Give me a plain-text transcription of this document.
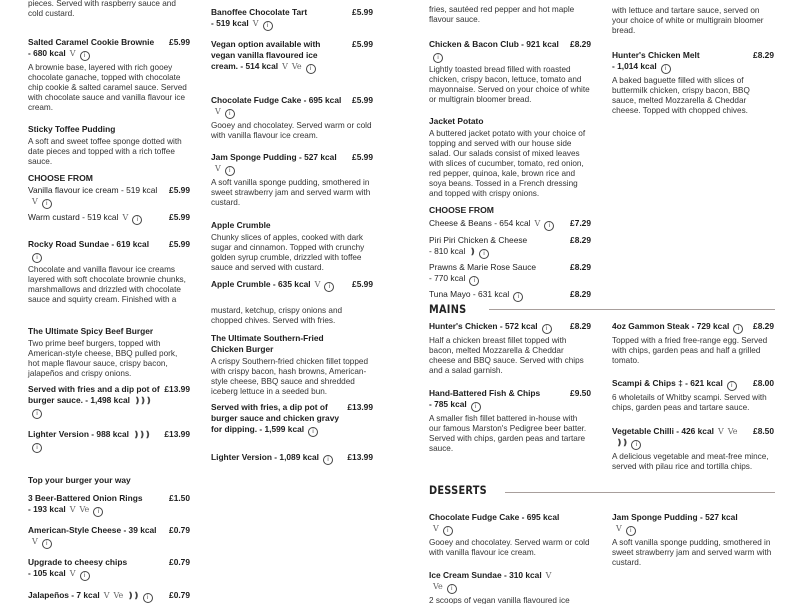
pieces. Served with raspberry sauce and cold custard.
Salted Caramel Cookie Brownie - 680 kcal V i
£5.99
A brownie base, layered with rich gooey chocolate ganache, topped with chocolate chip cookie & salted caramel sauce. Served with chocolate sauce and vanilla flavour ice cream.
Sticky Toffee Pudding
A soft and sweet toffee sponge dotted with date pieces and topped with a rich toffee sauce.
CHOOSE FROM
Vanilla flavour ice cream - 519 kcalV i
£5.99
Warm custard - 519 kcal V i	£5.99
Rocky Road Sundae - 619 kcali
£5.99
Chocolate and vanilla flavour ice creams layered with soft chocolate brownie chunks, marshmallows and drizzled with chocolate sauce and squirty cream. Finished with a
The Ultimate Spicy Beef Burger
Two prime beef burgers, topped with American-style cheese, BBQ pulled pork, hot maple flavour sauce, crispy bacon, jalapeños and crispy onions.
Served with fries and a dip pot of burger sauce. - 1,498 kcal ❫❫❫i
£13.99
Lighter Version - 988 kcal ❫❫❫i
£13.99
Top your burger your way
3 Beer-Battered Onion Rings - 193 kcal V Ve i
£1.50
American-Style Cheese - 39 kcalV i
£0.79
Upgrade to cheesy chips - 105 kcal V i
£0.79
Jalapeños - 7 kcal V Ve ❫❫ i £0.79
Banoffee Chocolate Tart - 519 kcal V i
£5.99
Vegan option available with vegan vanilla flavoured ice cream. - 514 kcal V Ve i
£5.99
Chocolate Fudge Cake - 695 kcalV i
£5.99
Gooey and chocolatey. Served warm or cold with vanilla flavour ice cream.
Jam Sponge Pudding - 527 kcalV i
£5.99
A soft vanilla sponge pudding, smothered in sweet strawberry jam and served warm with custard.
Apple Crumble
Chunky slices of apples, cooked with dark sugar and cinnamon. Topped with crunchy golden syrup crumble, drizzled with toffee sauce and served with custard.
Apple Crumble - 635 kcal V i	£5.99
mustard, ketchup, crispy onions and chopped chives. Served with fries.
The Ultimate Southern-Fried Chicken Burger
A crispy Southern-fried chicken fillet topped with crispy bacon, hash browns, American-style cheese, BBQ sauce and shredded iceberg lettuce in a seeded bun.
Served with fries, a dip pot of burger sauce and chicken gravy for dipping. - 1,599 kcal i
£13.99
Lighter Version - 1,089 kcal i £13.99
fries, sautéed red pepper and hot maple flavour sauce.
Chicken & Bacon Club - 921 kcali
£8.29
Lightly toasted bread filled with roasted chicken, crispy bacon, lettuce, tomato and mayonnaise. Served on your choice of white or multigrain bloomer bread.
Jacket Potato
A buttered jacket potato with your choice of topping and served with our house side salad. Our salads consist of mixed leaves with slices of cucumber, tomato, red onion, red pepper, quinoa, kale, brown rice and soya beans. Tossed in a French dressing and topped with crispy onions.
CHOOSE FROM
Cheese & Beans - 654 kcal V i £7.29
Piri Piri Chicken & Cheese - 810 kcal ❫ i
£8.29
Prawns & Marie Rose Sauce - 770 kcal i
£8.29
Tuna Mayo - 631 kcal i	£8.29
Hunter's Chicken - 572 kcal i	£8.29
Half a chicken breast fillet topped with bacon, melted Mozzarella & Cheddar cheese and BBQ sauce. Served with chips and a salad garnish.
Hand-Battered Fish & Chips - 785 kcal i
£9.50
A smaller fish fillet battered in-house with our famous Marston's Pedigree beer batter. Served with chips, garden peas and tartare sauce.
Chocolate Fudge Cake - 695 kcalV i
Gooey and chocolatey. Served warm or cold with vanilla flavour ice cream.
Ice Cream Sundae - 310 kcal VVe i
2 scoops of vegan vanilla flavoured ice
with lettuce and tartare sauce, served on your choice of white or multigrain bloomer bread.
Hunter's Chicken Melt - 1,014 kcal i
£8.29
A baked baguette filled with slices of buttermilk chicken, crispy bacon, BBQ sauce, melted Mozzarella & Cheddar cheese. Topped with chopped chives.
4oz Gammon Steak - 729 kcal i £8.29
Topped with a fried free-range egg. Served with chips, garden peas and half a grilled tomato.
Scampi & Chips ‡ - 621 kcal i £8.00
6 wholetails of Whitby scampi. Served with chips, garden peas and tartare sauce.
Vegetable Chilli - 426 kcal V Ve❫❫ i
£8.50
A delicious vegetable and meat-free mince, served with pilau rice and tortilla chips.
Jam Sponge Pudding - 527 kcalV i
A soft vanilla sponge pudding, smothered in sweet strawberry jam and served warm with custard.
MAINS
DESSERTS
